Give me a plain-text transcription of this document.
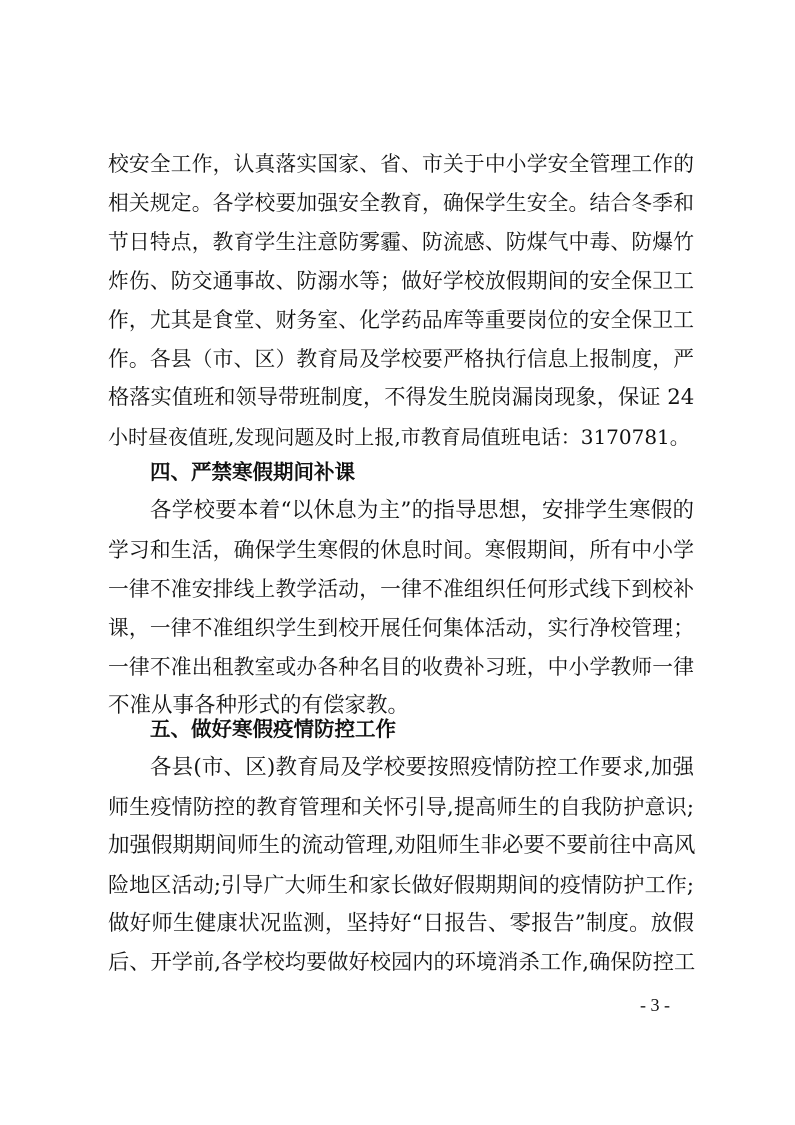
校安全工作，认真落实国家、省、市关于中小学安全管理工作的
相关规定。各学校要加强安全教育，确保学生安全。结合冬季和
节日特点，教育学生注意防雾霾、防流感、防煤气中毒、防爆竹
炸伤、防交通事故、防溺水等；做好学校放假期间的安全保卫工
作，尤其是食堂、财务室、化学药品库等重要岗位的安全保卫工
作。各县（市、区）教育局及学校要严格执行信息上报制度，严
格落实值班和领导带班制度，不得发生脱岗漏岗现象，保证 24
小时昼夜值班,发现问题及时上报,市教育局值班电话：3170781。
四、严禁寒假期间补课
各学校要本着“以休息为主”的指导思想，安排学生寒假的
学习和生活，确保学生寒假的休息时间。寒假期间，所有中小学
一律不准安排线上教学活动，一律不准组织任何形式线下到校补
课，一律不准组织学生到校开展任何集体活动，实行净校管理；
一律不准出租教室或办各种名目的收费补习班，中小学教师一律
不准从事各种形式的有偿家教。
五、做好寒假疫情防控工作
各县(市、区)教育局及学校要按照疫情防控工作要求,加强
师生疫情防控的教育管理和关怀引导,提高师生的自我防护意识;
加强假期期间师生的流动管理,劝阻师生非必要不要前往中高风
险地区活动;引导广大师生和家长做好假期期间的疫情防护工作;
做好师生健康状况监测，坚持好“日报告、零报告”制度。放假
后、开学前,各学校均要做好校园内的环境消杀工作,确保防控工
- 3 -
